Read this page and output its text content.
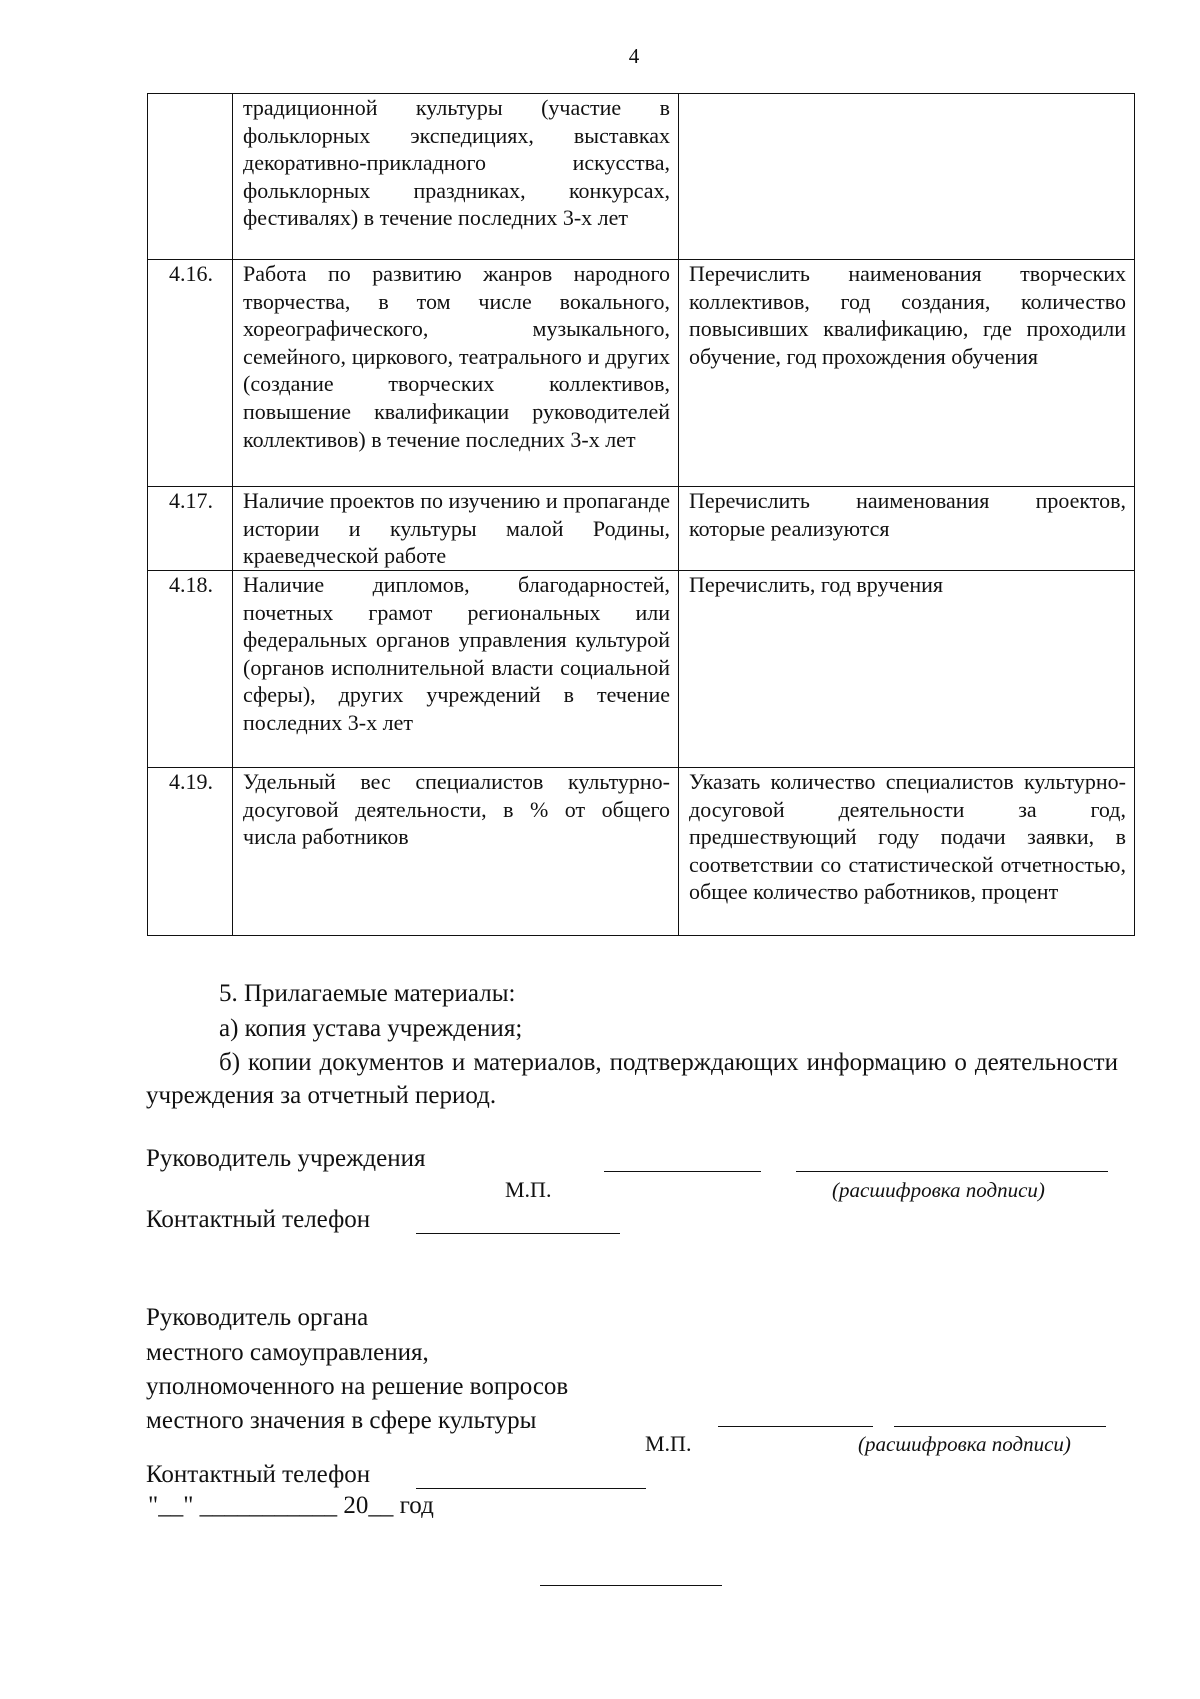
4
	традиционной культуры (участие в фольклорных экспедициях, выставках декоративно-прикладного искусства, фольклорных праздниках, конкурсах, фестивалях) в течение последних 3-х лет	
4.16.	Работа по развитию жанров народного творчества, в том числе вокального, хореографического, музыкального, семейного, циркового, театрального и других (создание творческих коллективов, повышение квалификации руководителей коллективов) в течение последних 3-х лет	Перечислить наименования творческих коллективов, год создания, количество повысивших квалификацию, где проходили обучение, год прохождения обучения
4.17.	Наличие проектов по изучению и пропаганде истории и культуры малой Родины, краеведческой работе	Перечислить наименования проектов, которые реализуются
4.18.	Наличие дипломов, благодарностей, почетных грамот региональных или федеральных органов управления культурой (органов исполнительной власти социальной сферы), других учреждений в течение последних 3-х лет	Перечислить, год вручения
4.19.	Удельный вес специалистов культурно-досуговой деятельности, в % от общего числа работников	Указать количество специалистов культурно-досуговой деятельности за год, предшествующий году подачи заявки, в соответствии со статистической отчетностью, общее количество работников, процент
5. Прилагаемые материалы:
а) копия устава учреждения;
б) копии документов и материалов, подтверждающих информацию о деятельности учреждения за отчетный период.
Руководитель учреждения
М.П.	(расшифровка подписи)
Контактный телефон
Руководитель органа
местного самоуправления,
уполномоченного на решение вопросов
местного значения в сфере культуры
М.П.	(расшифровка подписи)
Контактный телефон
"__" ___________ 20__ год
